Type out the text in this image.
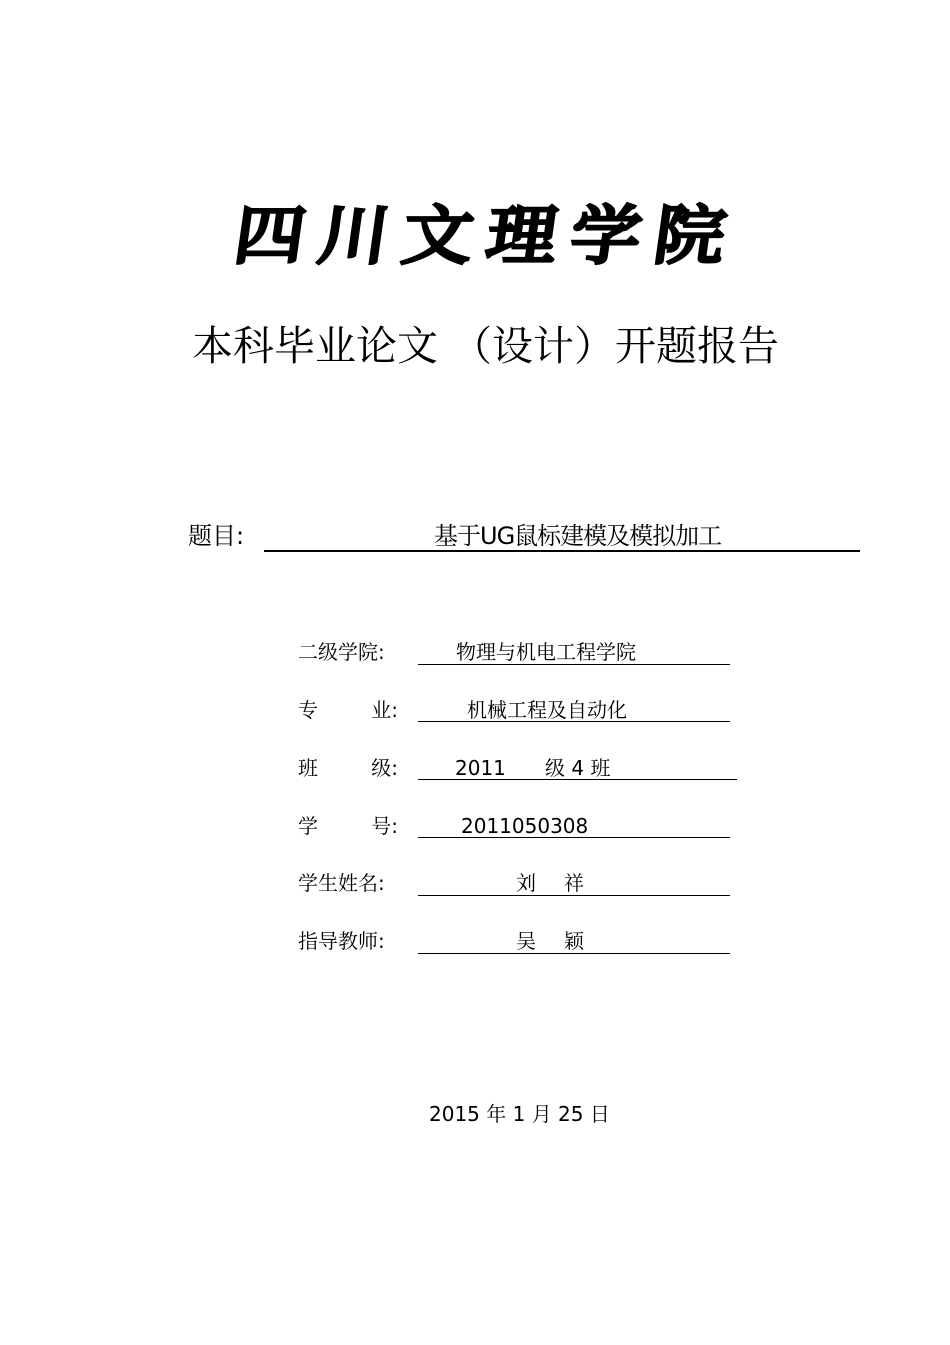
四 川 文 理 学 院
本科毕业论文 （设计）开题报告
题目:	基于UG鼠标建模及模拟加工
二级学院:	物理与机电工程学院
专	业:	机械工程及自动化
班	级:	2011 级 4 班
学	号:	2011050308
学生姓名:	刘 祥
指导教师:	吴 颖
2015 年 1 月 25 日
